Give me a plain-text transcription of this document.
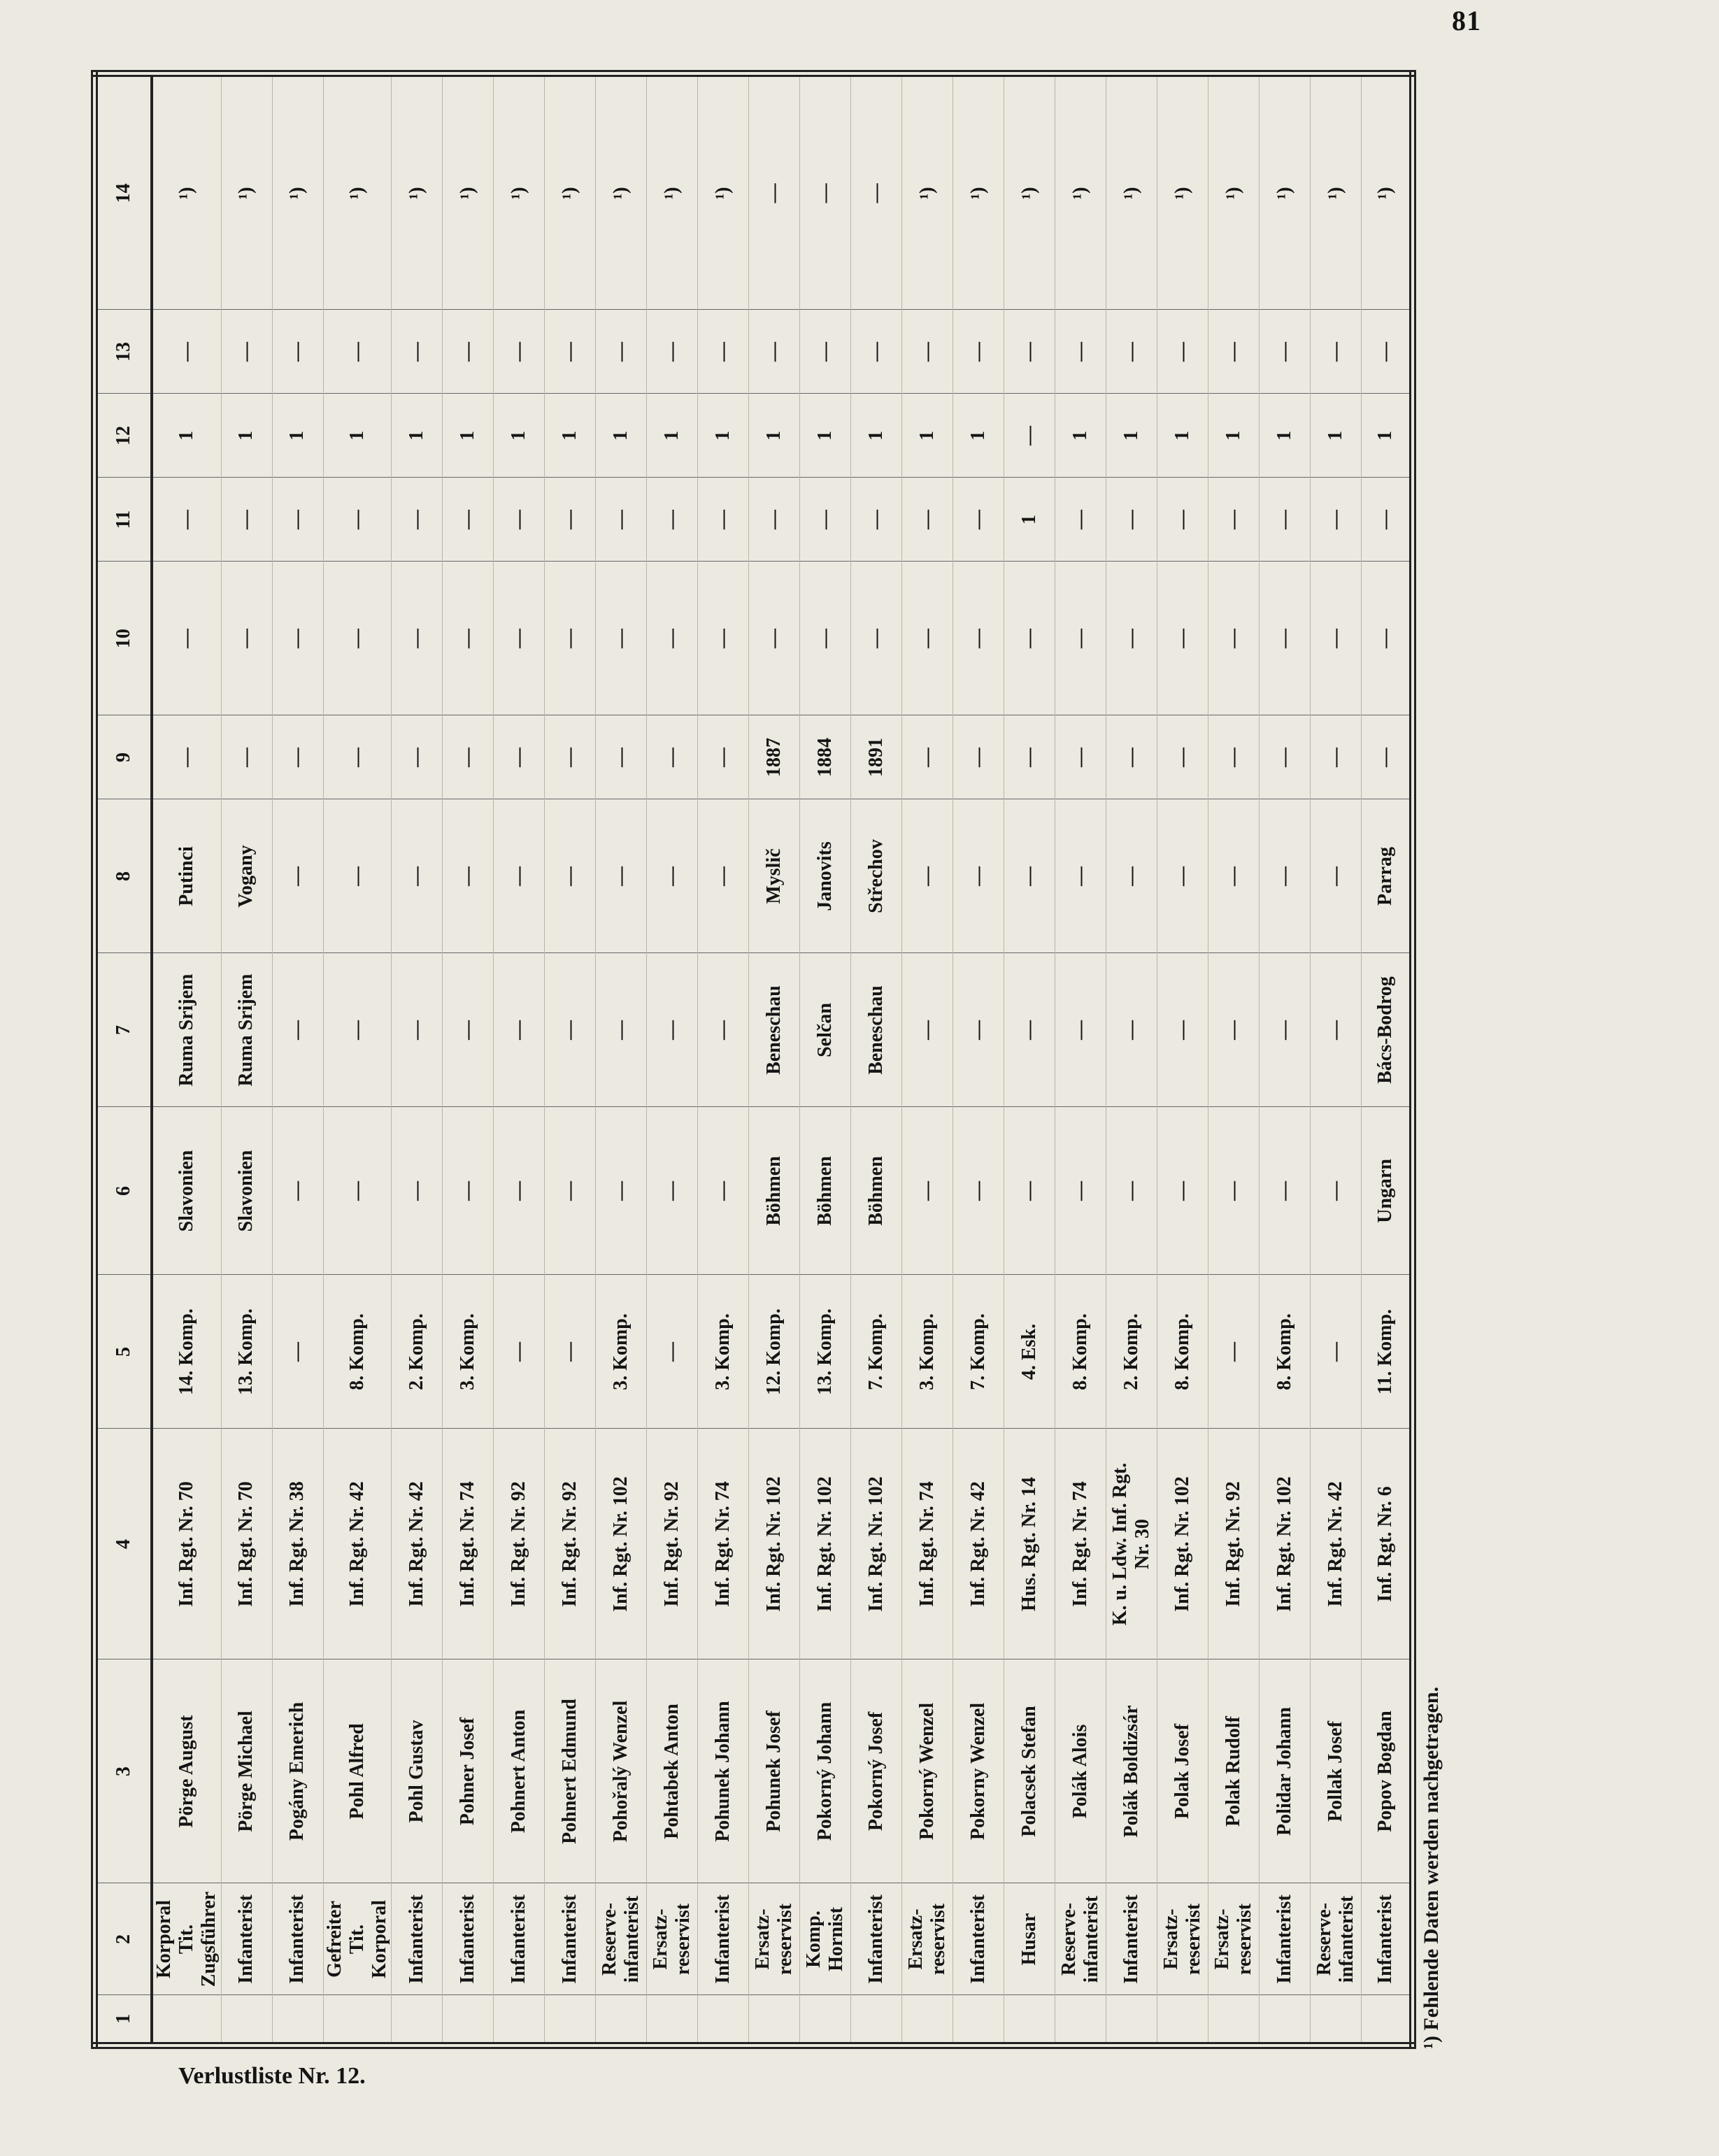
81
1	2	3	4	5	6	7	8	9	10	11	12	13	14
	Korporal
Tit.
Zugsführer	Pörge August	Inf. Rgt. Nr. 70	14. Komp.	Slavonien	Ruma Srijem	Putinci	—	—	—	1	—	¹)
	Infanterist	Pörge Michael	Inf. Rgt. Nr. 70	13. Komp.	Slavonien	Ruma Srijem	Vogany	—	—	—	1	—	¹)
	Infanterist	Pogány Emerich	Inf. Rgt. Nr. 38	—	—	—	—	—	—	—	1	—	¹)
	Gefreiter
Tit. Korporal	Pohl Alfred	Inf. Rgt. Nr. 42	8. Komp.	—	—	—	—	—	—	1	—	¹)
	Infanterist	Pohl Gustav	Inf. Rgt. Nr. 42	2. Komp.	—	—	—	—	—	—	1	—	¹)
	Infanterist	Pohner Josef	Inf. Rgt. Nr. 74	3. Komp.	—	—	—	—	—	—	1	—	¹)
	Infanterist	Pohnert Anton	Inf. Rgt. Nr. 92	—	—	—	—	—	—	—	1	—	¹)
	Infanterist	Pohnert Edmund	Inf. Rgt. Nr. 92	—	—	—	—	—	—	—	1	—	¹)
	Reserve-
infanterist	Pohořalý Wenzel	Inf. Rgt. Nr. 102	3. Komp.	—	—	—	—	—	—	1	—	¹)
	Ersatz-
reservist	Pohtabek Anton	Inf. Rgt. Nr. 92	—	—	—	—	—	—	—	1	—	¹)
	Infanterist	Pohunek Johann	Inf. Rgt. Nr. 74	3. Komp.	—	—	—	—	—	—	1	—	¹)
	Ersatz-
reservist	Pohunek Josef	Inf. Rgt. Nr. 102	12. Komp.	Böhmen	Beneschau	Myslič	1887	—	—	1	—	—
	Komp.
Hornist	Pokorný Johann	Inf. Rgt. Nr. 102	13. Komp.	Böhmen	Selčan	Janovits	1884	—	—	1	—	—
	Infanterist	Pokorný Josef	Inf. Rgt. Nr. 102	7. Komp.	Böhmen	Beneschau	Střechov	1891	—	—	1	—	—
	Ersatz-
reservist	Pokorný Wenzel	Inf. Rgt. Nr. 74	3. Komp.	—	—	—	—	—	—	1	—	¹)
	Infanterist	Pokorny Wenzel	Inf. Rgt. Nr. 42	7. Komp.	—	—	—	—	—	—	1	—	¹)
	Husar	Polacsek Stefan	Hus. Rgt. Nr. 14	4. Esk.	—	—	—	—	—	1	—	—	¹)
	Reserve-
infanterist	Polák Alois	Inf. Rgt. Nr. 74	8. Komp.	—	—	—	—	—	—	1	—	¹)
	Infanterist	Polák Boldizsár	K. u. Ldw. Inf. Rgt.
Nr. 30	2. Komp.	—	—	—	—	—	—	1	—	¹)
	Ersatz-
reservist	Polak Josef	Inf. Rgt. Nr. 102	8. Komp.	—	—	—	—	—	—	1	—	¹)
	Ersatz-
reservist	Polak Rudolf	Inf. Rgt. Nr. 92	—	—	—	—	—	—	—	1	—	¹)
	Infanterist	Polidar Johann	Inf. Rgt. Nr. 102	8. Komp.	—	—	—	—	—	—	1	—	¹)
	Reserve-
infanterist	Pollak Josef	Inf. Rgt. Nr. 42	—	—	—	—	—	—	—	1	—	¹)
	Infanterist	Popov Bogdan	Inf. Rgt. Nr. 6	11. Komp.	Ungarn	Bács-Bodrog	Parrag	—	—	—	1	—	¹)
¹) Fehlende Daten werden nachgetragen.
Verlustliste Nr. 12.
